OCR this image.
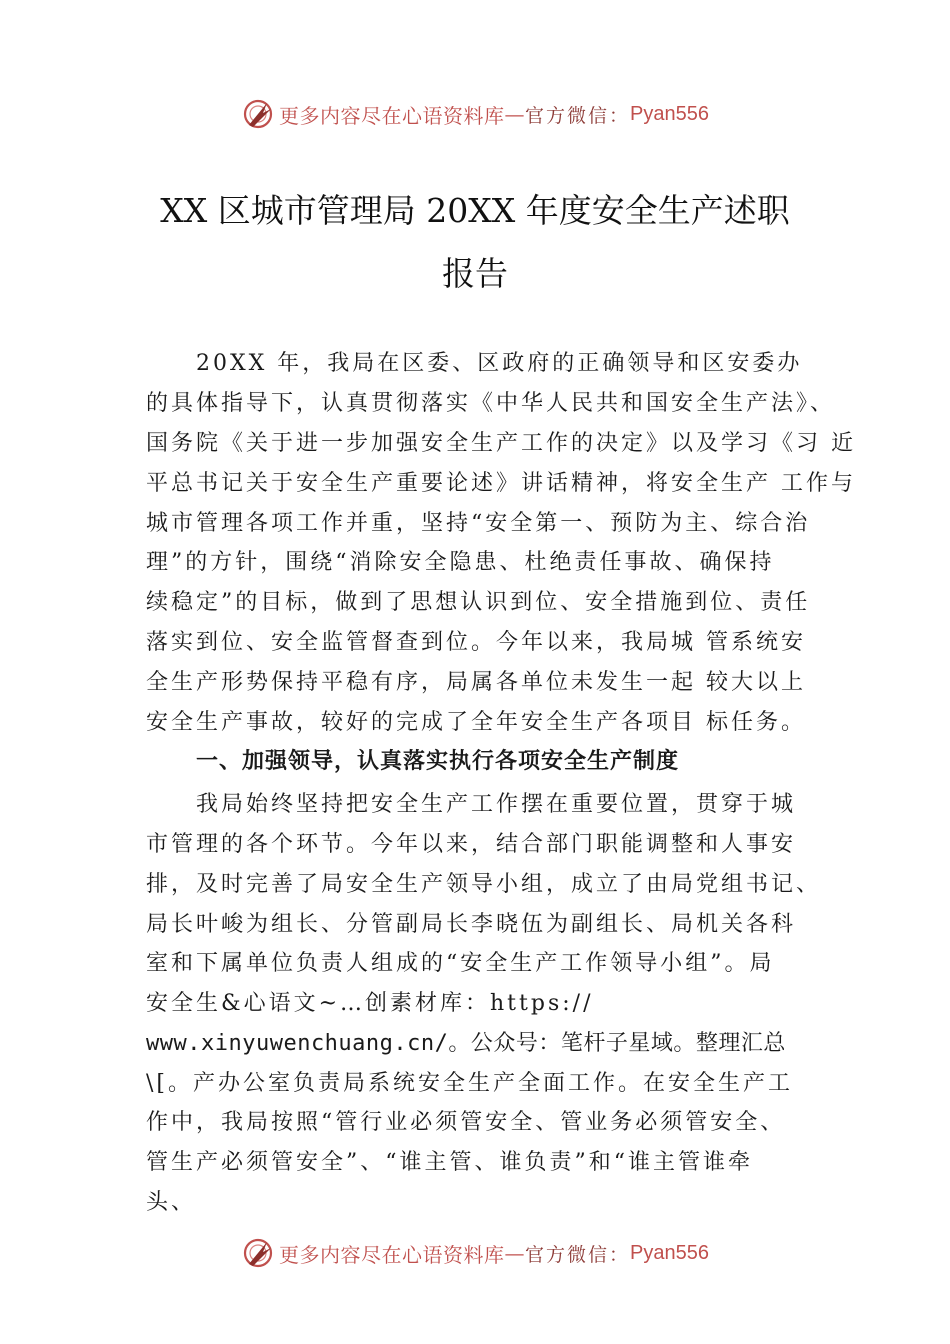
更多内容尽在心语资料库 — 官方微信： Pyan556
XX 区城市管理局 20XX 年度安全生产述职
报告
20XX 年，我局在区委、区政府的正确领导和区安委办
的具体指导下，认真贯彻落实《中华人民共和国安全生产法》、
国务院《关于进一步加强安全生产工作的决定》以及学习《习 近
平总书记关于安全生产重要论述》讲话精神，将安全生产 工作与
城市管理各项工作并重，坚持“安全第一、预防为主、综合治
理”的方针，围绕“消除安全隐患、杜绝责任事故、确保持
续稳定”的目标，做到了思想认识到位、安全措施到位、责任
落实到位、安全监管督查到位。今年以来，我局城 管系统安
全生产形势保持平稳有序，局属各单位未发生一起 较大以上
安全生产事故，较好的完成了全年安全生产各项目 标任务。
一、加强领导，认真落实执行各项安全生产制度
我局始终坚持把安全生产工作摆在重要位置，贯穿于城
市管理的各个环节。今年以来，结合部门职能调整和人事安
排，及时完善了局安全生产领导小组，成立了由局党组书记、
局长叶峻为组长、分管副局长李晓伍为副组长、局机关各科
室和下属单位负责人组成的“安全生产工作领导小组”。局
安全生&心语文~…创素材库：https://
www.xinyuwenchuang.cn/。公众号：笔杆子星域。整理汇总
\[。产办公室负责局系统安全生产全面工作。在安全生产工
作中，我局按照“管行业必须管安全、管业务必须管安全、
管生产必须管安全”、“谁主管、谁负责”和“谁主管谁牵
头、
更多内容尽在心语资料库 — 官方微信： Pyan556
